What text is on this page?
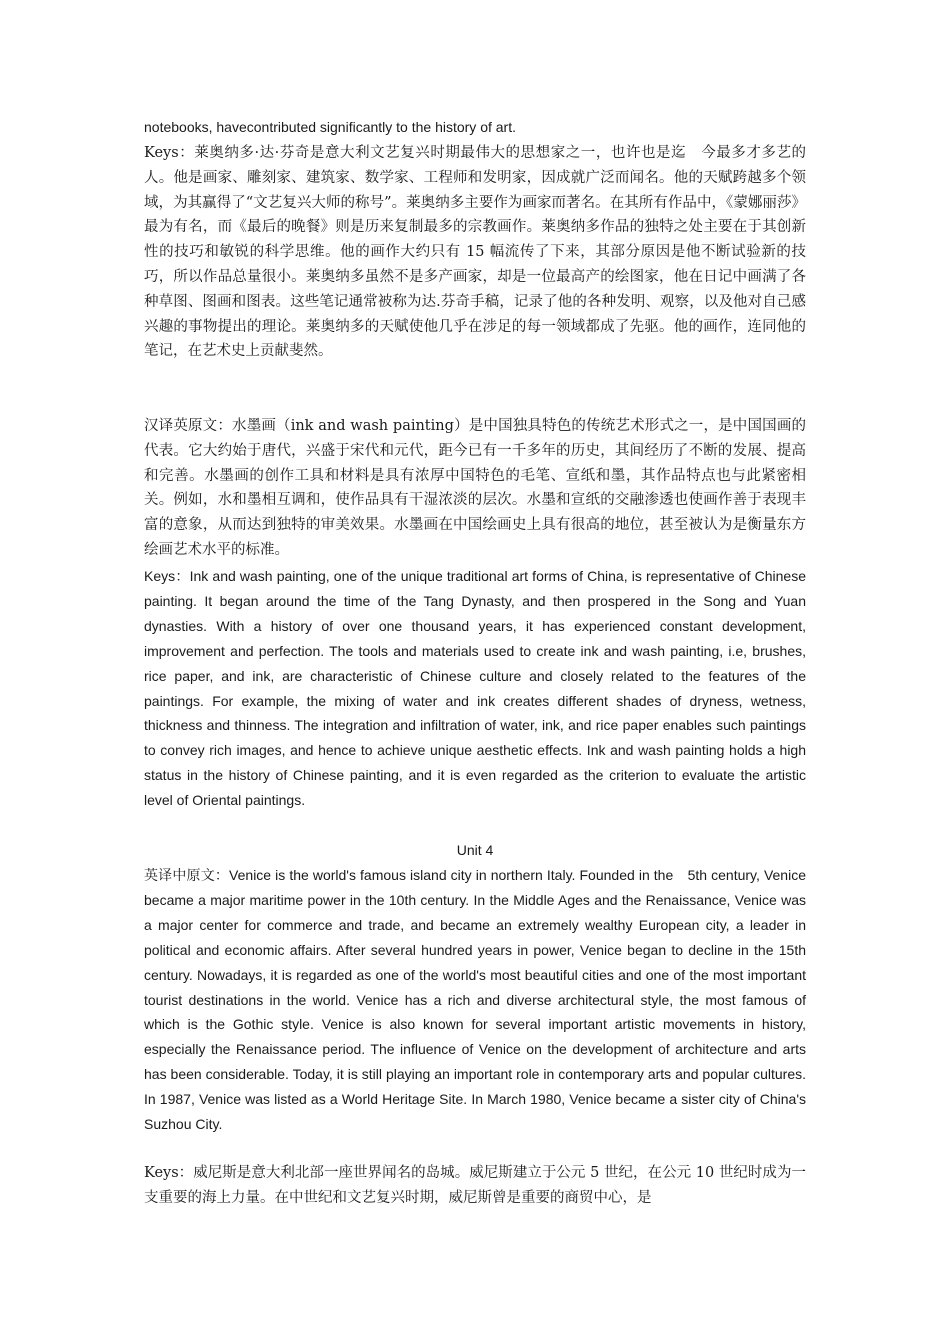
notebooks, havecontributed significantly to the history of art.

Keys：莱奥纳多·达·芬奇是意大利文艺复兴时期最伟大的思想家之一，也许也是迄　今最多才多艺的人。他是画家、雕刻家、建筑家、数学家、工程师和发明家，因成就广泛而闻名。他的天赋跨越多个领域，为其赢得了“文艺复兴大师的称号”。莱奥纳多主要作为画家而著名。在其所有作品中，《蒙娜丽莎》最为有名，而《最后的晚餐》则是历来复制最多的宗教画作。莱奥纳多作品的独特之处主要在于其创新性的技巧和敏锐的科学思维。他的画作大约只有 15 幅流传了下来，其部分原因是他不断试验新的技巧，所以作品总量很小。莱奥纳多虽然不是多产画家，却是一位最高产的绘图家，他在日记中画满了各种草图、图画和图表。这些笔记通常被称为达.芬奇手稿，记录了他的各种发明、观察，以及他对自己感兴趣的事物提出的理论。莱奥纳多的天赋使他几乎在涉足的每一领域都成了先驱。他的画作，连同他的笔记，在艺术史上贡献斐然。

汉译英原文：水墨画（ink and wash painting）是中国独具特色的传统艺术形式之一，是中国国画的代表。它大约始于唐代，兴盛于宋代和元代，距今已有一千多年的历史，其间经历了不断的发展、提高和完善。水墨画的创作工具和材料是具有浓厚中国特色的毛笔、宣纸和墨，其作品特点也与此紧密相关。例如，水和墨相互调和，使作品具有干湿浓淡的层次。水墨和宣纸的交融渗透也使画作善于表现丰富的意象，从而达到独特的审美效果。水墨画在中国绘画史上具有很高的地位，甚至被认为是衡量东方绘画艺术水平的标准。

Keys：Ink and wash painting, one of the unique traditional art forms of China, is representative of Chinese painting. It began around the time of the Tang Dynasty, and then prospered in the Song and Yuan dynasties. With a history of over one thousand years, it has experienced constant development, improvement and perfection. The tools and materials used to create ink and wash painting, i.e, brushes, rice paper, and ink, are characteristic of Chinese culture and closely related to the features of the paintings. For example, the mixing of water and ink creates different shades of dryness, wetness, thickness and thinness. The integration and infiltration of water, ink, and rice paper enables such paintings to convey rich images, and hence to achieve unique aesthetic effects. Ink and wash painting holds a high status in the history of Chinese painting, and it is even regarded as the criterion to evaluate the artistic level of Oriental paintings.

Unit 4

英译中原文：Venice is the world's famous island city in northern Italy. Founded in the　5th century, Venice became a major maritime power in the 10th century. In the Middle Ages and the Renaissance, Venice was a major center for commerce and trade, and became an extremely wealthy European city, a leader in political and economic affairs. After several hundred years in power, Venice began to decline in the 15th century. Nowadays, it is regarded as one of the world's most beautiful cities and one of the most important tourist destinations in the world. Venice has a rich and diverse architectural style, the most famous of which is the Gothic style. Venice is also known for several important artistic movements in history, especially the Renaissance period. The influence of Venice on the development of architecture and arts has been considerable. Today, it is still playing an important role in contemporary arts and popular cultures. In 1987, Venice was listed as a World Heritage Site. In March 1980, Venice became a sister city of China's Suzhou City.

Keys：威尼斯是意大利北部一座世界闻名的岛城。威尼斯建立于公元 5 世纪，在公元 10 世纪时成为一支重要的海上力量。在中世纪和文艺复兴时期，威尼斯曾是重要的商贸中心，是
